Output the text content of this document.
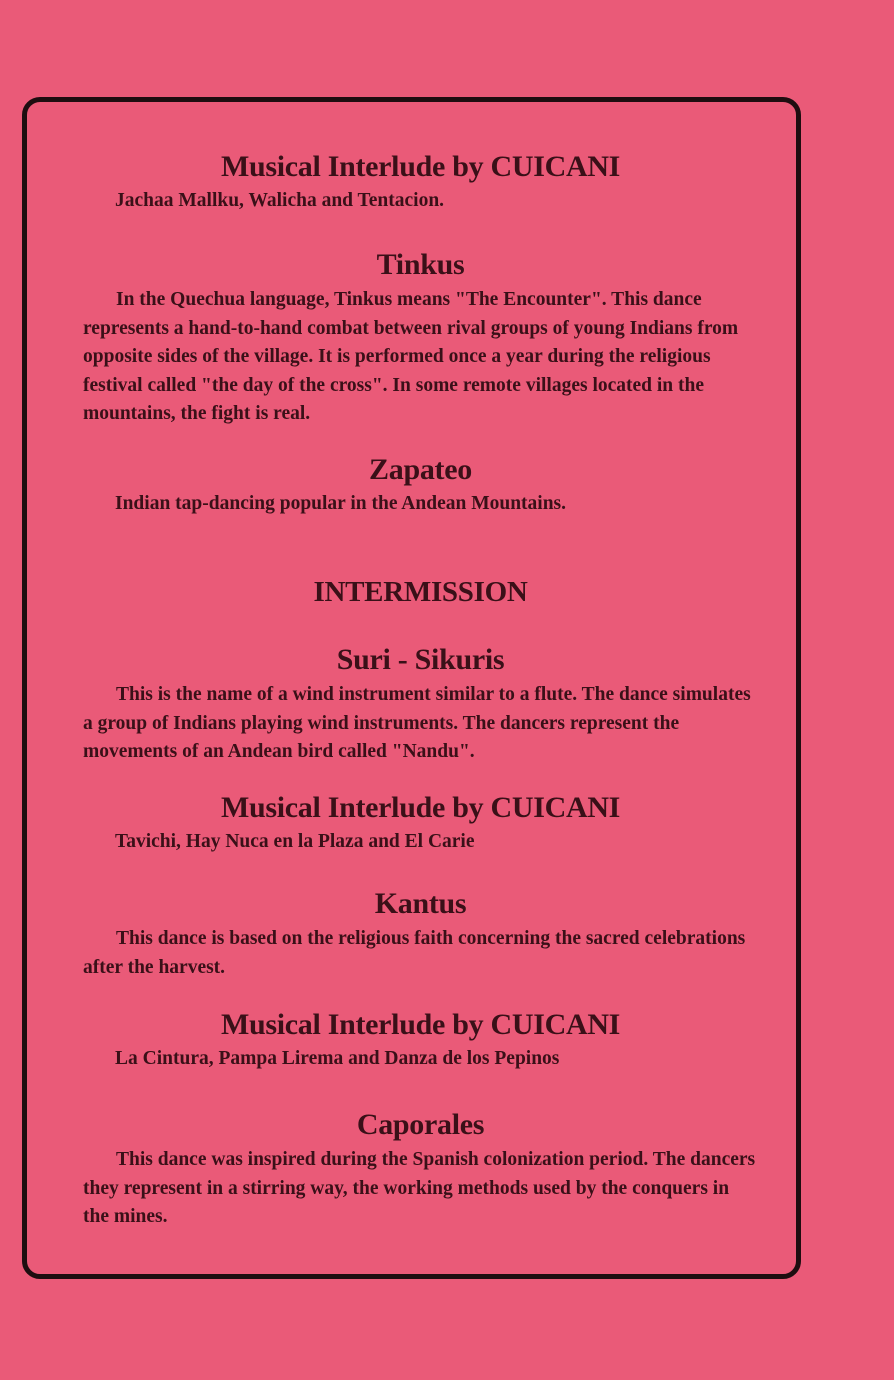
Musical Interlude by CUICANI

Jachaa Mallku, Walicha and Tentacion.

Tinkus

In the Quechua language, Tinkus means "The Encounter". This dance represents a hand-to-hand combat between rival groups of young Indians from opposite sides of the village. It is performed once a year during the religious festival called "the day of the cross". In some remote villages located in the mountains, the fight is real.

Zapateo

Indian tap-dancing popular in the Andean Mountains.

INTERMISSION
Suri - Sikuris

This is the name of a wind instrument similar to a flute. The dance simulates a group of Indians playing wind instruments. The dancers represent the movements of an Andean bird called "Nandu".

Musical Interlude by CUICANI

Tavichi, Hay Nuca en la Plaza and El Carie

Kantus

This dance is based on the religious faith concerning the sacred celebrations after the harvest.

Musical Interlude by CUICANI

La Cintura, Pampa Lirema and Danza de los Pepinos

Caporales

This dance was inspired during the Spanish colonization period. The dancers they represent in a stirring way, the working methods used by the conquers in the mines.
